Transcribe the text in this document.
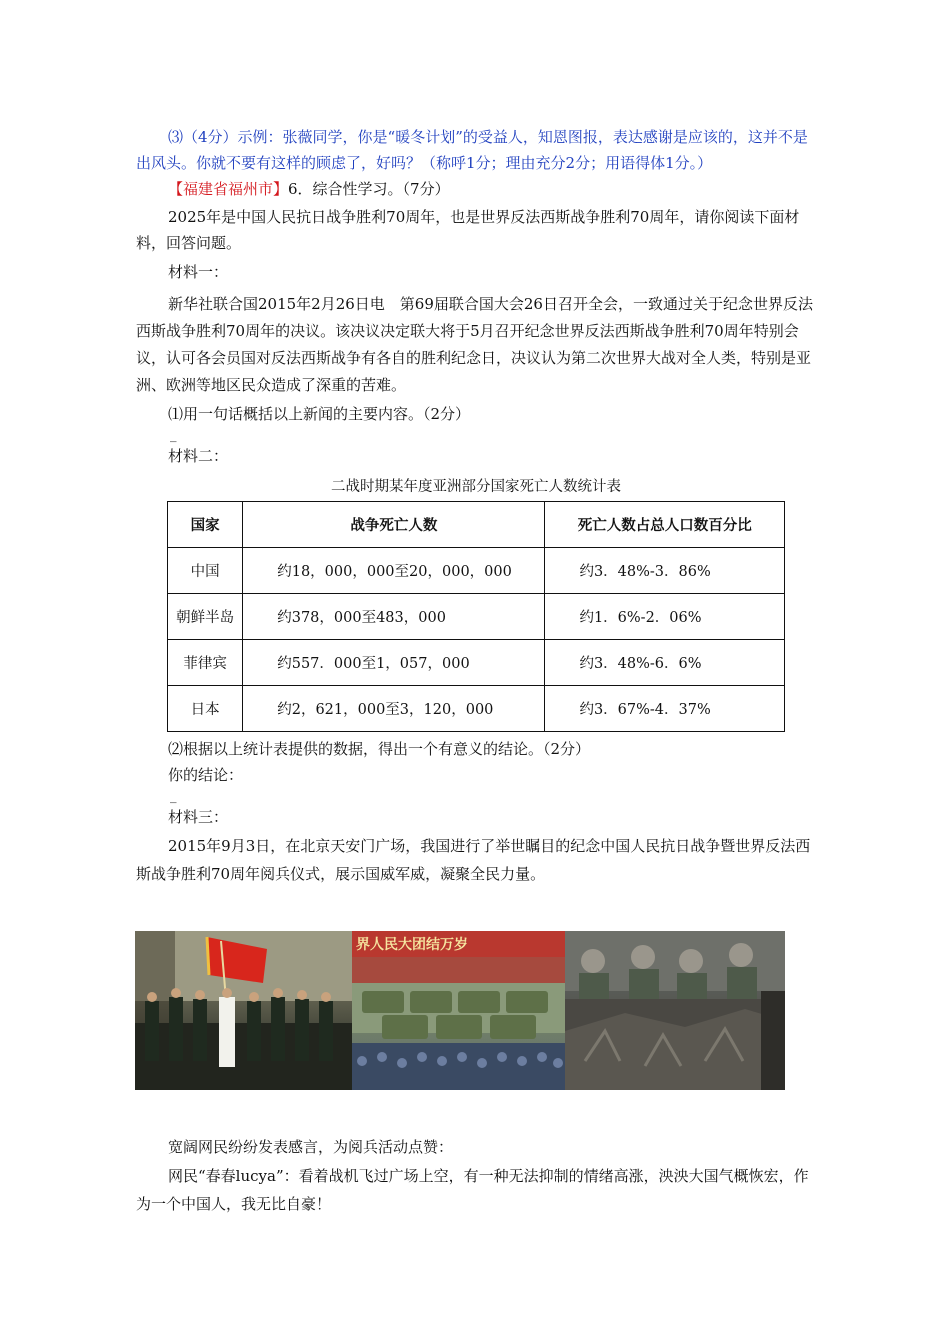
⑶（4分）示例：张薇同学，你是“暖冬计划”的受益人，知恩图报，表达感谢是应该的，这并不是出风头。你就不要有这样的顾虑了，好吗？（称呼1分；理由充分2分；用语得体1分。）

【福建省福州市】6．综合性学习。（7分）

2025年是中国人民抗日战争胜利70周年，也是世界反法西斯战争胜利70周年，请你阅读下面材料，回答问题。

材料一：

新华社联合国2015年2月26日电　第69届联合国大会26日召开全会，一致通过关于纪念世界反法西斯战争胜利70周年的决议。该决议决定联大将于5月召开纪念世界反法西斯战争胜利70周年特别会议，认可各会员国对反法西斯战争有各自的胜利纪念日，决议认为第二次世界大战对全人类，特别是亚洲、欧洲等地区民众造成了深重的苦难。

⑴用一句话概括以上新闻的主要内容。（2分）

_

材料二：

二战时期某年度亚洲部分国家死亡人数统计表
国家	战争死亡人数	死亡人数占总人口数百分比
中国	约18，000，000至20，000，000	约3．48%-3．86%
朝鲜半岛	约378，000至483，000	约1．6%-2．06%
菲律宾	约557．000至1，057，000	约3．48%-6．6%
日本	约2，621，000至3，120，000	约3．67%-4．37%

⑵根据以上统计表提供的数据，得出一个有意义的结论。（2分）

你的结论：

_

材料三：

2015年9月3日，在北京天安门广场，我国进行了举世瞩目的纪念中国人民抗日战争暨世界反法西斯战争胜利70周年阅兵仪式，展示国威军威，凝聚全民力量。

界人民大团结万岁

宽阔网民纷纷发表感言，为阅兵活动点赞：

网民“春春lucya”：看着战机飞过广场上空，有一种无法抑制的情绪高涨，泱泱大国气概恢宏，作为一个中国人，我无比自豪！
